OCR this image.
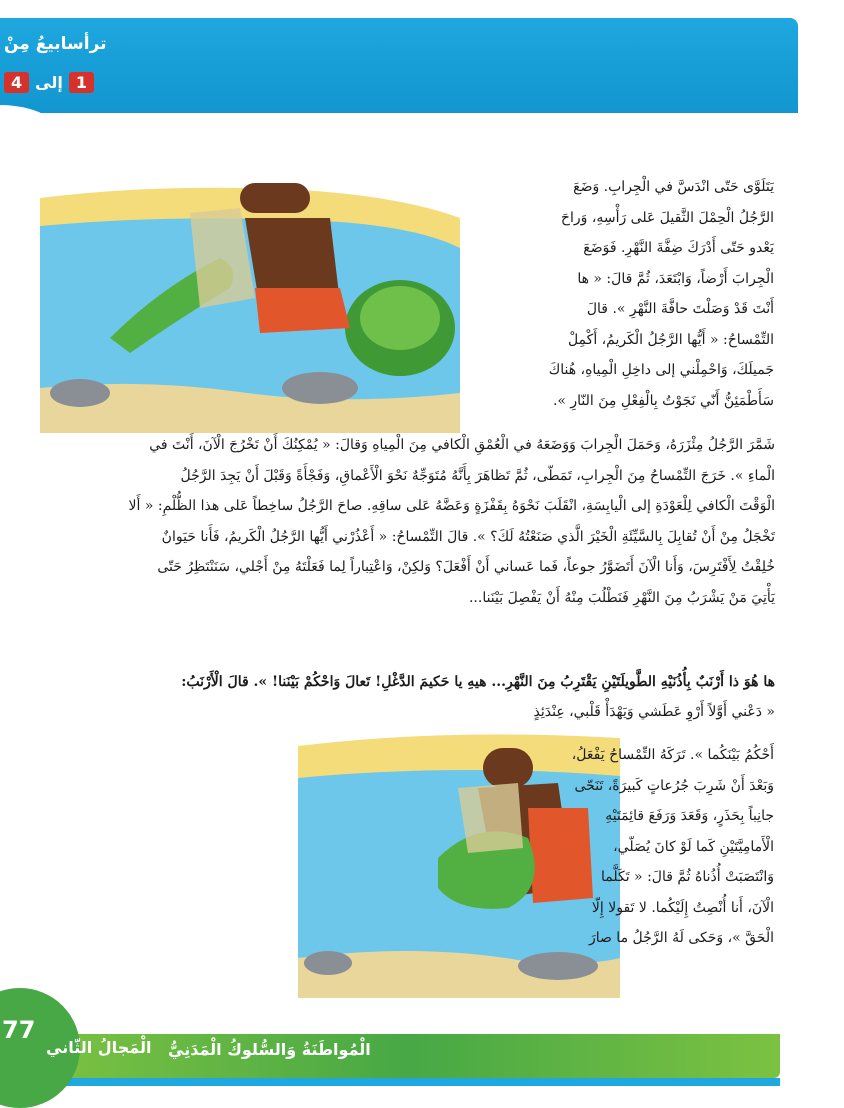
ترأسابيعُ مِنْ
1
إلى
4
يَتَلَوَّى حَتّى انْدَسَّ في الْجِرابِ. وَضَعَ
الرَّجُلُ الْحِمْلَ الثَّقيلَ عَلى رَأْسِهِ، وَراحَ
يَعْدو حَتّى أَدْرَكَ ضِفَّةَ النَّهْرِ. فَوَضَعَ
الْجِرابَ أَرْضاً، وَابْتَعَدَ، ثُمَّ قالَ: « ها
أَنْتَ قَدْ وَصَلْتَ حافَّةَ النَّهْرِ ». قالَ
التِّمْساحُ: « أَيُّها الرَّجُلُ الْكَريمُ، أَكْمِلْ
جَميلَكَ، وَاحْمِلْني إلى داخِلِ الْمِياهِ، هُناكَ
سَأَطْمَئِنُّ أَنّي نَجَوْتُ بِالْفِعْلِ مِنَ النّارِ ».
شَمَّرَ الرَّجُلُ مِئْزَرَهُ، وَحَمَلَ الْجِرابَ وَوَضَعَهُ في الْعُمْقِ الْكافي مِنَ الْمِياهِ وَقالَ: « يُمْكِنُكَ أَنْ تَخْرُجَ الْآنَ، أَنْتَ في
الْماءِ ». خَرَجَ التِّمْساحُ مِنَ الْجِرابِ، تَمَطّى، ثُمَّ تَظاهَرَ بِأَنَّهُ مُتَوَجِّهٌ نَحْوَ الْأَعْماقِ، وَفَجْأَةً وَقَبْلَ أَنْ يَجِدَ الرَّجُلُ
الْوَقْتَ الْكافي لِلْعَوْدَةِ إلى الْيابِسَةِ، انْقَلَبَ نَحْوَهُ بِقَفْزَةٍ وَعَضَّهُ عَلى ساقِهِ. صاحَ الرَّجُلُ ساخِطاً عَلى هذا الظُّلْمِ: « أَلا
تَخْجَلُ مِنْ أَنْ تُقابِلَ بِالسَّيِّئَةِ الْخَيْرَ الَّذي صَنَعْتُهُ لَكَ؟ ». قالَ التِّمْساحُ: « أَعْذُرْني أَيُّها الرَّجُلُ الْكَريمُ، فَأَنا حَيَوانٌ
خُلِقْتُ لِأَفْتَرِسَ، وَأَنا الْآنَ أَتَضَوَّرُ جوعاً، فَما عَساني أَنْ أَفْعَلَ؟ وَلكِنْ، وَاعْتِباراً لِما فَعَلْتَهُ مِنْ أَجْلي، سَنَنْتَظِرُ حَتّى
يَأْتِيَ مَنْ يَشْرَبُ مِنَ النَّهْرِ فَنَطْلُبَ مِنْهُ أَنْ يَفْصِلَ بَيْنَنا...
ها هُوَ ذا أَرْنَبٌ بِأُذُنَيْهِ الطَّويلَتَيْنِ يَقْتَرِبُ مِنَ النَّهْرِ... هيهِ يا حَكيمَ الدَّغْلِ! تَعالَ وَاحْكُمْ بَيْنَنا! ». قالَ الْأَرْنَبُ:
« دَعْني أَوَّلاً أَرْوِ عَطَشي وَيَهْدَأْ قَلْبي، عِنْدَئِذٍ
أَحْكُمُ بَيْنَكُما ». تَرَكَهُ التِّمْساحُ يَفْعَلُ،
وَبَعْدَ أَنْ شَرِبَ جُرُعاتٍ كَبيرَةً، تَنَحّى
جانِباً بِحَذَرٍ، وَقَعَدَ وَرَفَعَ قائِمَتَيْهِ
الْأَمامِيَّتَيْنِ كَما لَوْ كانَ يُصَلّي،
وَانْتَصَبَتْ أُذُناهُ ثُمَّ قالَ: « تَكَلَّما
الْآنَ، أَنا أُنْصِتُ إِلَيْكُما. لا تَقولا إِلّا
الْحَقَّ »، وَحَكى لَهُ الرَّجُلُ ما صارَ
77
الْمَجالُ الثّاني الْمُواطَنَةُ وَالسُّلوكُ الْمَدَنِيُّ
